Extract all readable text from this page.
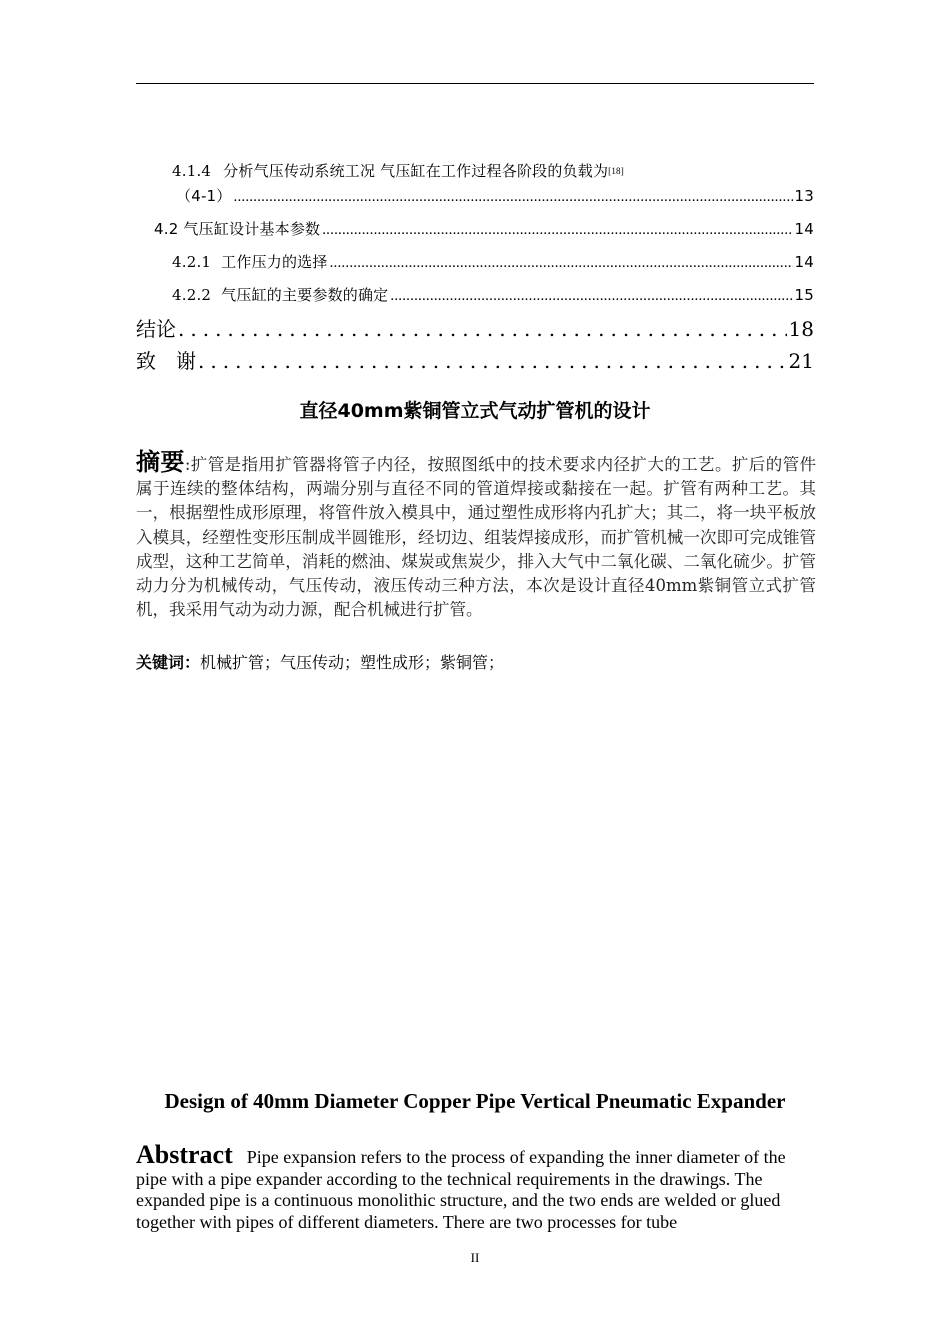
4.1.4 分析气压传动系统工况 气压缸在工作过程各阶段的负载为[18]
（4-1） .....	13
4.2 气压缸设计基本参数 .....	14
4.2.1 工作压力的选择 .....	14
4.2.2 气压缸的主要参数的确定 .....	15
结论 .....	18
致　谢 .....	21
直径40mm紫铜管立式气动扩管机的设计
摘要:扩管是指用扩管器将管子内径，按照图纸中的技术要求内径扩大的工艺。扩后的管件属于连续的整体结构，两端分别与直径不同的管道焊接或黏接在一起。扩管有两种工艺。其一，根据塑性成形原理，将管件放入模具中，通过塑性成形将内孔扩大；其二，将一块平板放入模具，经塑性变形压制成半圆锥形，经切边、组装焊接成形，而扩管机械一次即可完成锥管成型，这种工艺简单，消耗的燃油、煤炭或焦炭少，排入大气中二氧化碳、二氧化硫少。扩管动力分为机械传动，气压传动，液压传动三种方法，本次是设计直径40mm紫铜管立式扩管机，我采用气动为动力源，配合机械进行扩管。
关键词：机械扩管；气压传动；塑性成形；紫铜管；
Design of 40mm Diameter Copper Pipe Vertical Pneumatic Expander
Abstract Pipe expansion refers to the process of expanding the inner diameter of the pipe with a pipe expander according to the technical requirements in the drawings. The expanded pipe is a continuous monolithic structure, and the two ends are welded or glued together with pipes of different diameters. There are two processes for tube
II
